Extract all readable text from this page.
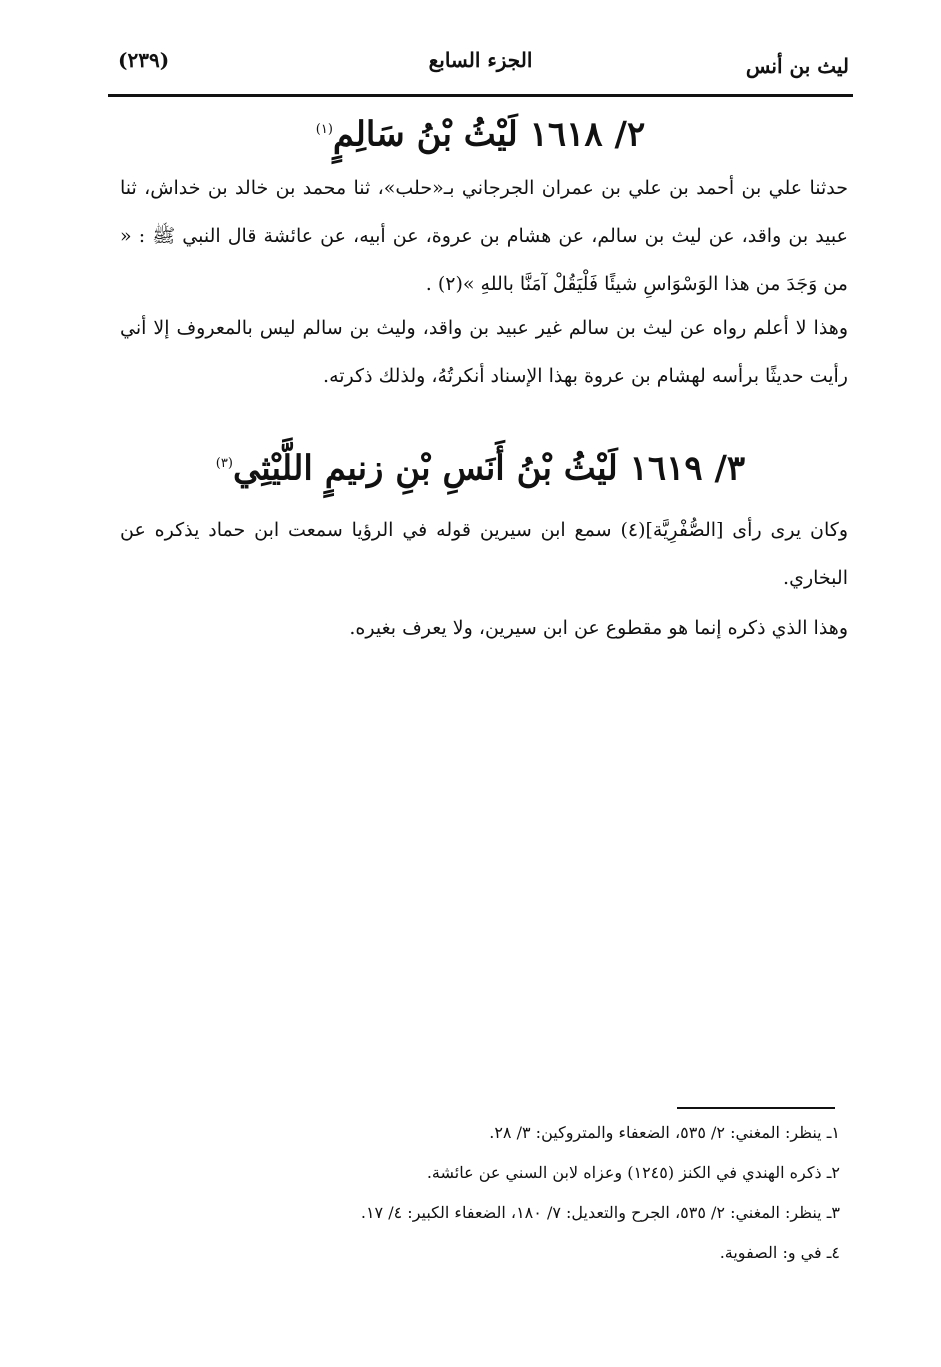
(٢٣٩)	الجزء السابع	ليث بن أنس
٢/ ١٦١٨ لَيْثُ بْنُ سَالِمٍ$^{(١)}$
حدثنا علي بن أحمد بن علي بن عمران الجرجاني بـ«حلب»، ثنا محمد بن خالد بن خداش، ثنا عبيد بن واقد، عن ليث بن سالم، عن هشام بن عروة، عن أبيه، عن عائشة قال النبي ﷺ : « من وَجَدَ من هذا الوَسْوَاسِ شيئًا فَلْيَقُلْ آمَنَّا باللهِ »(٢) .
وهذا لا أعلم رواه عن ليث بن سالم غير عبيد بن واقد، وليث بن سالم ليس بالمعروف إلا أني رأيت حديثًا برأسه لهشام بن عروة بهذا الإسناد أنكرتُهُ، ولذلك ذكرته.
٣/ ١٦١٩ لَيْثُ بْنُ أَنَسِ بْنِ زنيمٍ اللَّيْثِي$^{(٣)}$
وكان يرى رأى [الصُّفْرِيَّة](٤) سمع ابن سيرين قوله في الرؤيا سمعت ابن حماد يذكره عن البخاري.
وهذا الذي ذكره إنما هو مقطوع عن ابن سيرين، ولا يعرف بغيره.
١ـ ينظر: المغني: ٢/ ٥٣٥، الضعفاء والمتروكين: ٣/ ٢٨.
٢ـ ذكره الهندي في الكنز (١٢٤٥) وعزاه لابن السني عن عائشة.
٣ـ ينظر: المغني: ٢/ ٥٣٥، الجرح والتعديل: ٧/ ١٨٠، الضعفاء الكبير: ٤/ ١٧.
٤ـ في و: الصفوية.
